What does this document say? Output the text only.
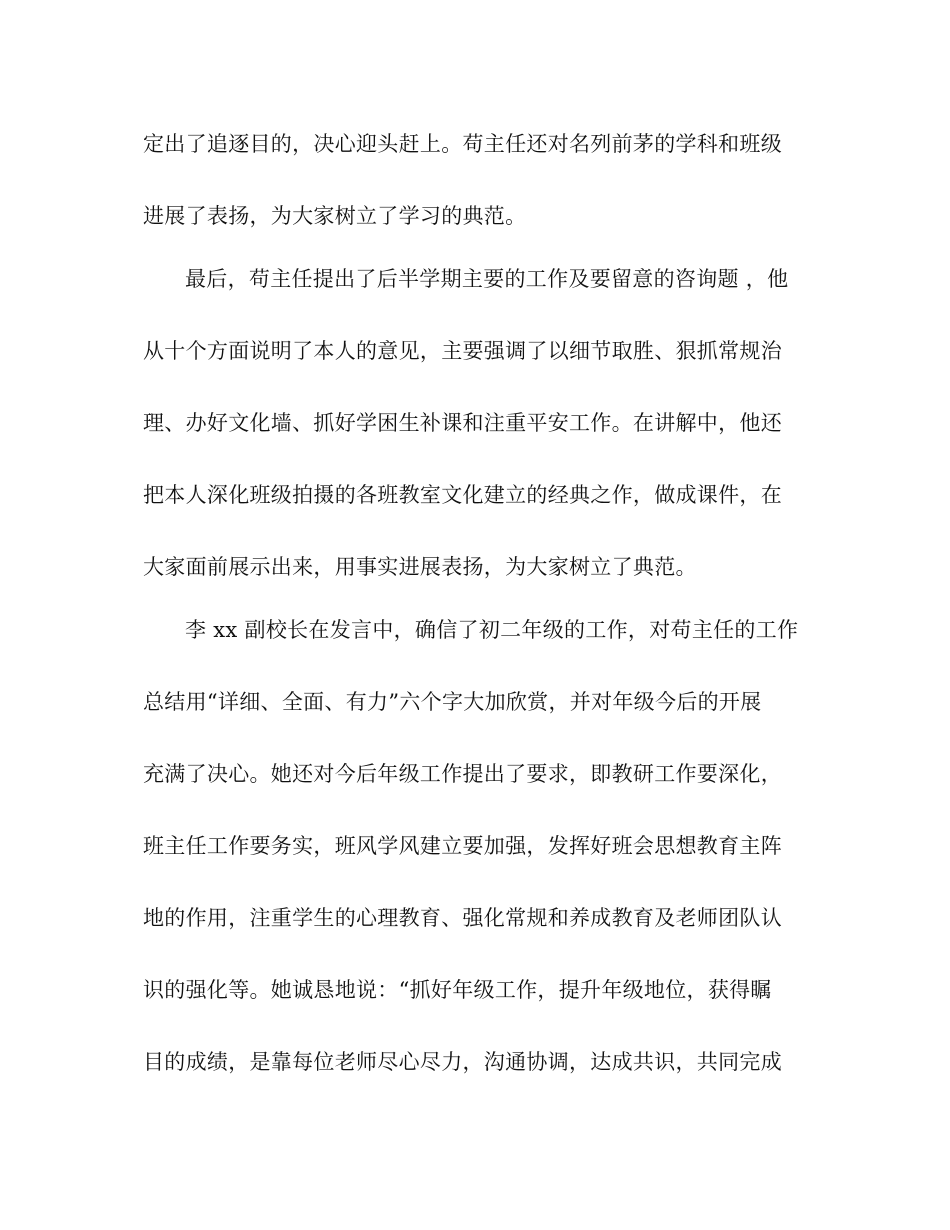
定出了追逐目的，决心迎头赶上。苟主任还对名列前茅的学科和班级
进展了表扬，为大家树立了学习的典范。
最后，苟主任提出了后半学期主要的工作及要留意的咨询题 ，他
从十个方面说明了本人的意见，主要强调了以细节取胜、狠抓常规治
理、办好文化墙、抓好学困生补课和注重平安工作。在讲解中，他还
把本人深化班级拍摄的各班教室文化建立的经典之作，做成课件，在
大家面前展示出来，用事实进展表扬，为大家树立了典范。
李 xx 副校长在发言中，确信了初二年级的工作，对苟主任的工作
总结用“详细、全面、有力”六个字大加欣赏，并对年级今后的开展
充满了决心。她还对今后年级工作提出了要求，即教研工作要深化，
班主任工作要务实，班风学风建立要加强，发挥好班会思想教育主阵
地的作用，注重学生的心理教育、强化常规和养成教育及老师团队认
识的强化等。她诚恳地说：“抓好年级工作，提升年级地位，获得瞩
目的成绩，是靠每位老师尽心尽力，沟通协调，达成共识，共同完成
